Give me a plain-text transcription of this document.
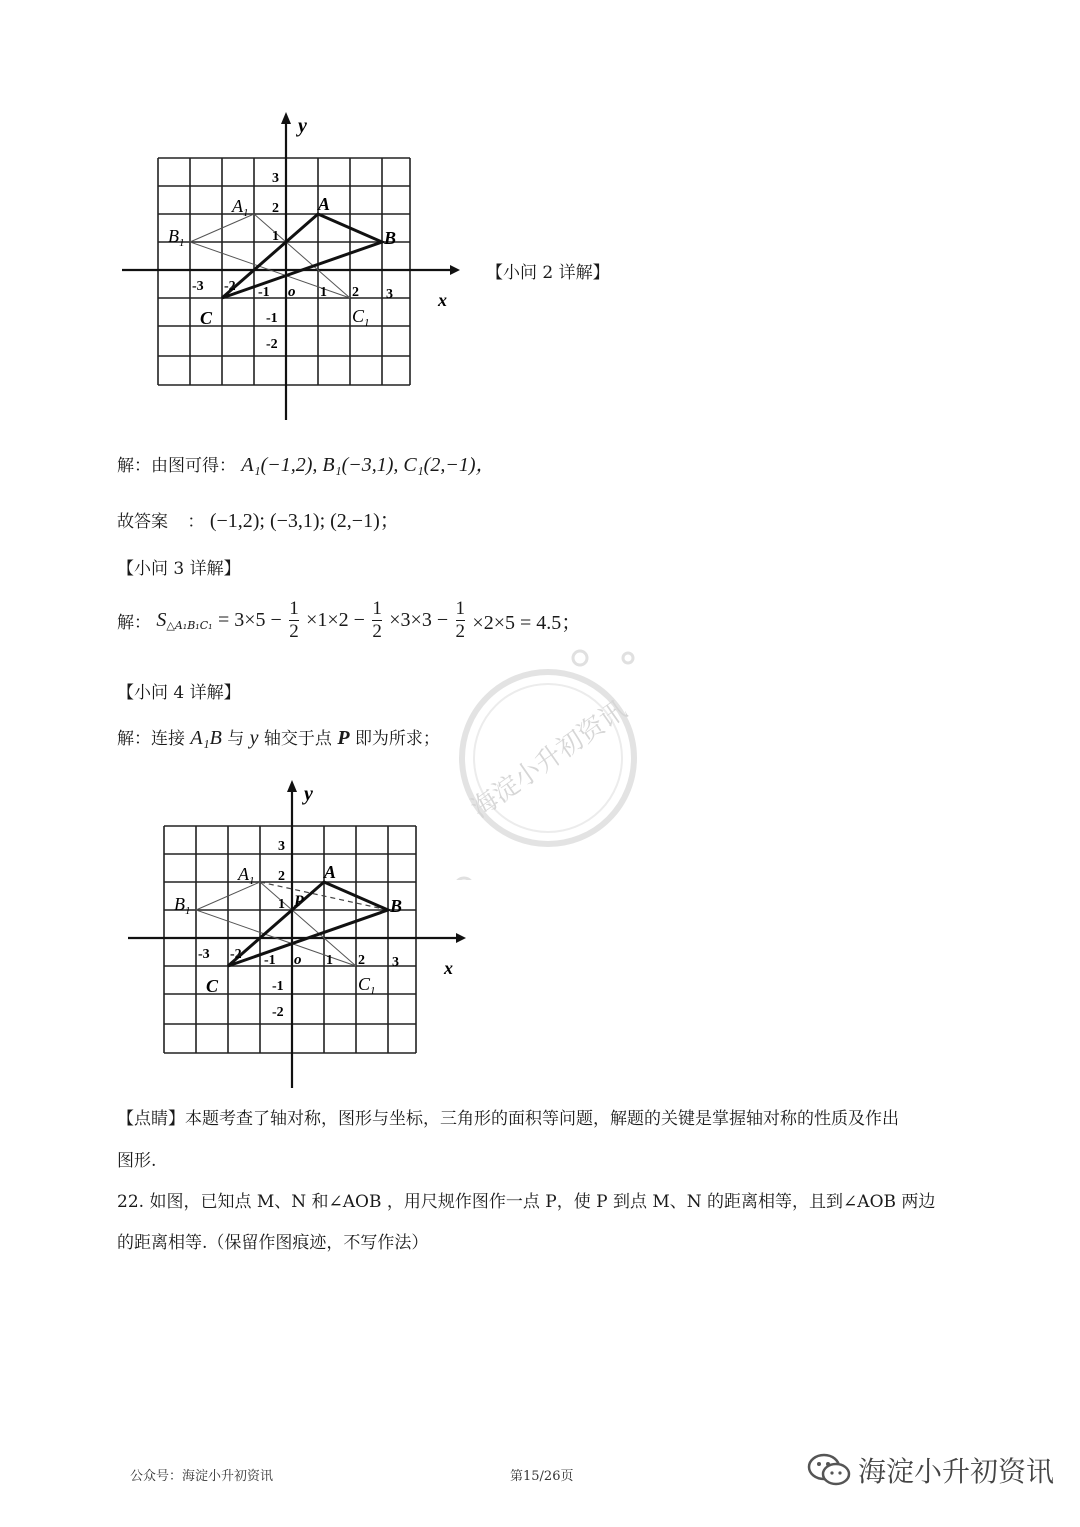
y
x
o
-3 -2 -1	1 2 3
3
2
1
-1
-2
A
B
C
$A_1$
$B_1$
$C_1$
【小问 2 详解】
解：由图可得： A₁(−1,2), B₁(−3,1), C₁(2,−1)，
故答案 ： (−1,2); (−3,1); (2,−1)；
【小问 3 详解】
解： $S_{\triangle A_1B_1C_1} = 3\times 5 - \frac{1}{2} \times 1\times 2 - \frac{1}{2} \times 3\times 3 - \frac{1}{2} \times 2\times 5 = 4.5$；
【小问 4 详解】
解：连接 A₁B 与 y 轴交于点 P 即为所求； 海淀小升初资讯
y
x
o
-3 -2 -1	1 2 3
3
2
1
-1
-2
A
B
C
P
$A_1$
$B_1$
$C_1$
【点睛】本题考查了轴对称，图形与坐标，三角形的面积等问题，解题的关键是掌握轴对称的性质及作出
图形.
22. 如图，已知点 M、N 和∠AOB ，用尺规作图作一点 P，使 P 到点 M、N 的距离相等，且到∠AOB 两边
的距离相等.（保留作图痕迹，不写作法）
公众号：海淀小升初资讯	第15/26页	海淀小升初资讯
